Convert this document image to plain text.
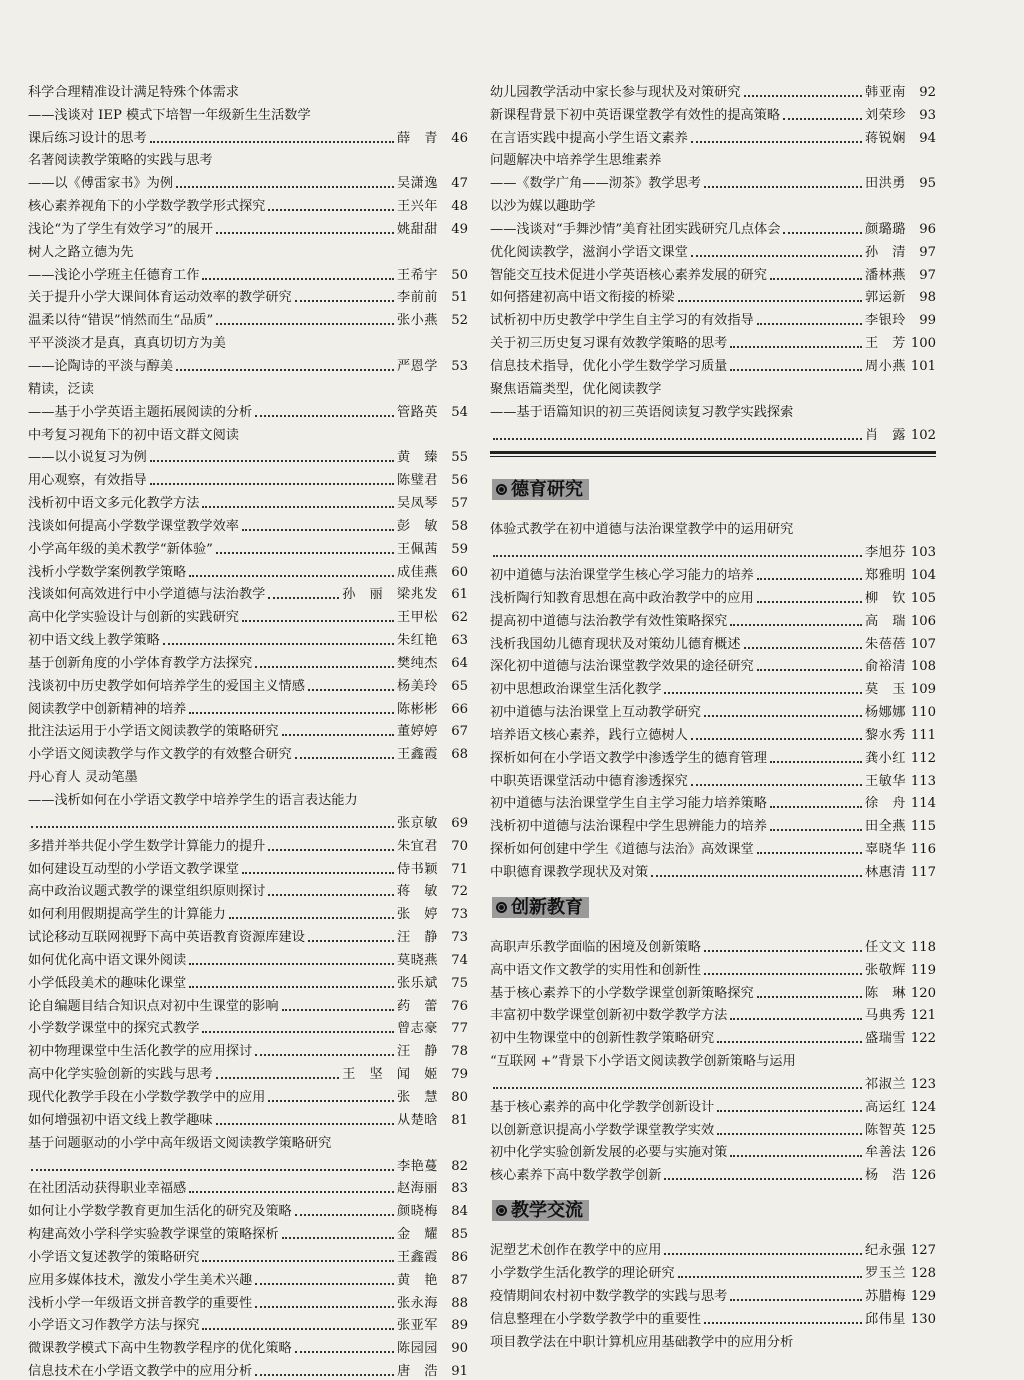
科学合理精准设计满足特殊个体需求
——浅谈对 IEP 模式下培智一年级新生生活数学
课后练习设计的思考	薛　青	46
名著阅读教学策略的实践与思考
——以《傅雷家书》为例	吴潇逸	47
核心素养视角下的小学数学教学形式探究	王兴年	48
浅论“为了学生有效学习”的展开	姚甜甜	49
树人之路立德为先
——浅论小学班主任德育工作	王希宇	50
关于提升小学大课间体育运动效率的教学研究	李前前	51
温柔以待“错误”悄然而生“品质”	张小燕	52
平平淡淡才是真，真真切切方为美
——论陶诗的平淡与醇美	严恩学	53
精读，泛读
——基于小学英语主题拓展阅读的分析	管路英	54
中考复习视角下的初中语文群文阅读
——以小说复习为例	黄　臻	55
用心观察，有效指导	陈璧君	56
浅析初中语文多元化教学方法	吴凤琴	57
浅谈如何提高小学数学课堂教学效率	彭　敏	58
小学高年级的美术教学“新体验”	王佩茜	59
浅析小学数学案例教学策略	成佳燕	60
浅谈如何高效进行中小学道德与法治教学	孙　丽　梁兆发	61
高中化学实验设计与创新的实践研究	王甲松	62
初中语文线上教学策略	朱红艳	63
基于创新角度的小学体育教学方法探究	樊纯杰	64
浅谈初中历史教学如何培养学生的爱国主义情感	杨美玲	65
阅读教学中创新精神的培养	陈彬彬	66
批注法运用于小学语文阅读教学的策略研究	董婷婷	67
小学语文阅读教学与作文教学的有效整合研究	王鑫霞	68
丹心育人 灵动笔墨
——浅析如何在小学语文教学中培养学生的语言表达能力
张京敏	69
多措并举共促小学生数学计算能力的提升	朱宜君	70
如何建设互动型的小学语文教学课堂	侍书颖	71
高中政治议题式教学的课堂组织原则探讨	蒋　敏	72
如何利用假期提高学生的计算能力	张　婷	73
试论移动互联网视野下高中英语教育资源库建设	汪　静	73
如何优化高中语文课外阅读	莫晓燕	74
小学低段美术的趣味化课堂	张乐斌	75
论自编题目结合知识点对初中生课堂的影响	药　蕾	76
小学数学课堂中的探究式教学	曾志豪	77
初中物理课堂中生活化教学的应用探讨	汪　静	78
高中化学实验创新的实践与思考	王　坚　闻　姬	79
现代化教学手段在小学数学教学中的应用	张　慧	80
如何增强初中语文线上教学趣味	从楚晗	81
基于问题驱动的小学中高年级语文阅读教学策略研究
李艳蔓	82
在社团活动获得职业幸福感	赵海丽	83
如何让小学数学教育更加生活化的研究及策略	颜晓梅	84
构建高效小学科学实验教学课堂的策略探析	金　耀	85
小学语文复述教学的策略研究	王鑫霞	86
应用多媒体技术，激发小学生美术兴趣	黄　艳	87
浅析小学一年级语文拼音教学的重要性	张永海	88
小学语文习作教学方法与探究	张亚军	89
微课教学模式下高中生物教学程序的优化策略	陈园园	90
信息技术在小学语文教学中的应用分析	唐　浩	91
幼儿园教学活动中家长参与现状及对策研究	韩亚南	92
新课程背景下初中英语课堂教学有效性的提高策略	刘荣珍	93
在言语实践中提高小学生语文素养	蒋锐娴	94
问题解决中培养学生思维素养
——《数学广角——沏茶》教学思考	田洪勇	95
以沙为媒以趣助学
——浅谈对“手舞沙情”美育社团实践研究几点体会	颜璐璐	96
优化阅读教学，滋润小学语文课堂	孙　清	97
智能交互技术促进小学英语核心素养发展的研究	潘林燕	97
如何搭建初高中语文衔接的桥梁	郭运新	98
试析初中历史教学中学生自主学习的有效指导	李银玲	99
关于初三历史复习课有效教学策略的思考	王　芳 100
信息技术指导，优化小学生数学学习质量	周小燕 101
聚焦语篇类型，优化阅读教学
——基于语篇知识的初三英语阅读复习教学实践探索
肖　露 102
德育研究
体验式教学在初中道德与法治课堂教学中的运用研究
李旭芬 103
初中道德与法治课堂学生核心学习能力的培养	郑雅明 104
浅析陶行知教育思想在高中政治教学中的应用	柳　钦 105
提高初中道德与法治教学有效性策略探究	高　瑞 106
浅析我国幼儿德育现状及对策幼儿德育概述	朱蓓蓓 107
深化初中道德与法治课堂教学效果的途径研究	俞裕清 108
初中思想政治课堂生活化教学	莫　玉 109
初中道德与法治课堂上互动教学研究	杨娜娜 110
培养语文核心素养，践行立德树人	黎水秀 111
探析如何在小学语文教学中渗透学生的德育管理	龚小红 112
中职英语课堂活动中德育渗透探究	王敏华 113
初中道德与法治课堂学生自主学习能力培养策略	徐　舟 114
浅析初中道德与法治课程中学生思辨能力的培养	田全燕 115
探析如何创建中学生《道德与法治》高效课堂	辜晓华 116
中职德育课教学现状及对策	林惠清 117
创新教育
高职声乐教学面临的困境及创新策略	任文文 118
高中语文作文教学的实用性和创新性	张敬辉 119
基于核心素养下的小学数学课堂创新策略探究	陈　琳 120
丰富初中数学课堂创新初中数学教学方法	马典秀 121
初中生物课堂中的创新性教学策略研究	盛瑞雪 122
“互联网 +”背景下小学语文阅读教学创新策略与运用
祁淑兰 123
基于核心素养的高中化学教学创新设计	高运红 124
以创新意识提高小学数学课堂教学实效	陈智英 125
初中化学实验创新发展的必要与实施对策	牟善法 126
核心素养下高中数学教学创新	杨　浩 126
教学交流
泥塑艺术创作在教学中的应用	纪永强 127
小学数学生活化教学的理论研究	罗玉兰 128
疫情期间农村初中数学教学的实践与思考	苏腊梅 129
信息整理在小学数学教学中的重要性	邱伟星 130
项目教学法在中职计算机应用基础教学中的应用分析
